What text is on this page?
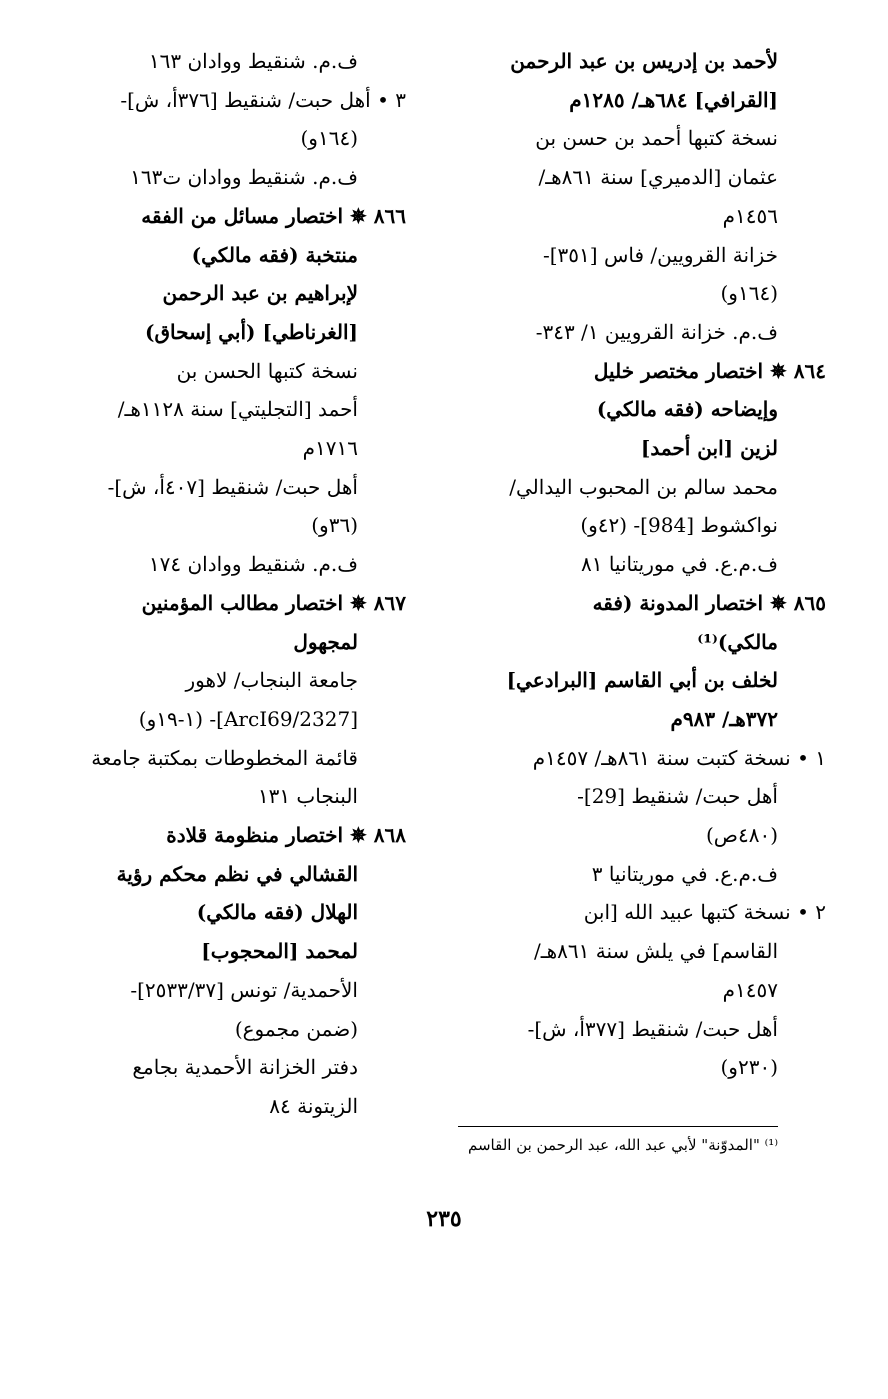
لأحمد بن إدريس بن عبد الرحمن
[القرافي] ٦٨٤هـ/ ١٢٨٥م
نسخة كتبها أحمد بن حسن بن
عثمان [الدميري] سنة ٨٦١هـ/
١٤٥٦م
خزانة القرويين/ فاس [٣٥١]-
(١٦٤و)
ف.م. خزانة القرويين ١/ ٣٤٣-
٨٦٤ ✵ اختصار مختصر خليل
وإيضاحه (فقه مالكي)
لزين [ابن أحمد]
محمد سالم بن المحبوب اليدالي/
نواكشوط [984]- (٤٢و)
ف.م.ع. في موريتانيا ٨١
٨٦٥ ✵ اختصار المدونة (فقه
مالكي)⁽¹⁾
لخلف بن أبي القاسم [البرادعي]
٣٧٢هـ/ ٩٨٣م
١ • نسخة كتبت سنة ٨٦١هـ/ ١٤٥٧م
أهل حبت/ شنقيط [29]-
(٤٨٠ص)
ف.م.ع. في موريتانيا ٣
٢ • نسخة كتبها عبيد الله [ابن
القاسم] في يلش سنة ٨٦١هـ/
١٤٥٧م
أهل حبت/ شنقيط [٣٧٧أ، ش]-
(٢٣٠و)
ف.م. شنقيط ووادان ١٦٣
٣ • أهل حبت/ شنقيط [٣٧٦أ، ش]-
(١٦٤و)
ف.م. شنقيط ووادان ت١٦٣
٨٦٦ ✵ اختصار مسائل من الفقه
منتخبة (فقه مالكي)
لإبراهيم بن عبد الرحمن
[الغرناطي] (أبي إسحاق)
نسخة كتبها الحسن بن
أحمد [التجليتي] سنة ١١٢٨هـ/
١٧١٦م
أهل حبت/ شنقيط [٤٠٧أ، ش]-
(٣٦و)
ف.م. شنقيط ووادان ١٧٤
٨٦٧ ✵ اختصار مطالب المؤمنين
لمجهول
جامعة البنجاب/ لاهور
[ArcI69/2327]- (١-١٩و)
قائمة المخطوطات بمكتبة جامعة
البنجاب ١٣١
٨٦٨ ✵ اختصار منظومة قلادة
القشالي في نظم محكم رؤية
الهلال (فقه مالكي)
لمحمد [المحجوب]
الأحمدية/ تونس [٢٥٣٣/٣٧]-
(ضمن مجموع)
دفتر الخزانة الأحمدية بجامع
الزيتونة ٨٤
⁽¹⁾ "المدوّنة" لأبي عبد الله، عبد الرحمن بن القاسم
٢٣٥
